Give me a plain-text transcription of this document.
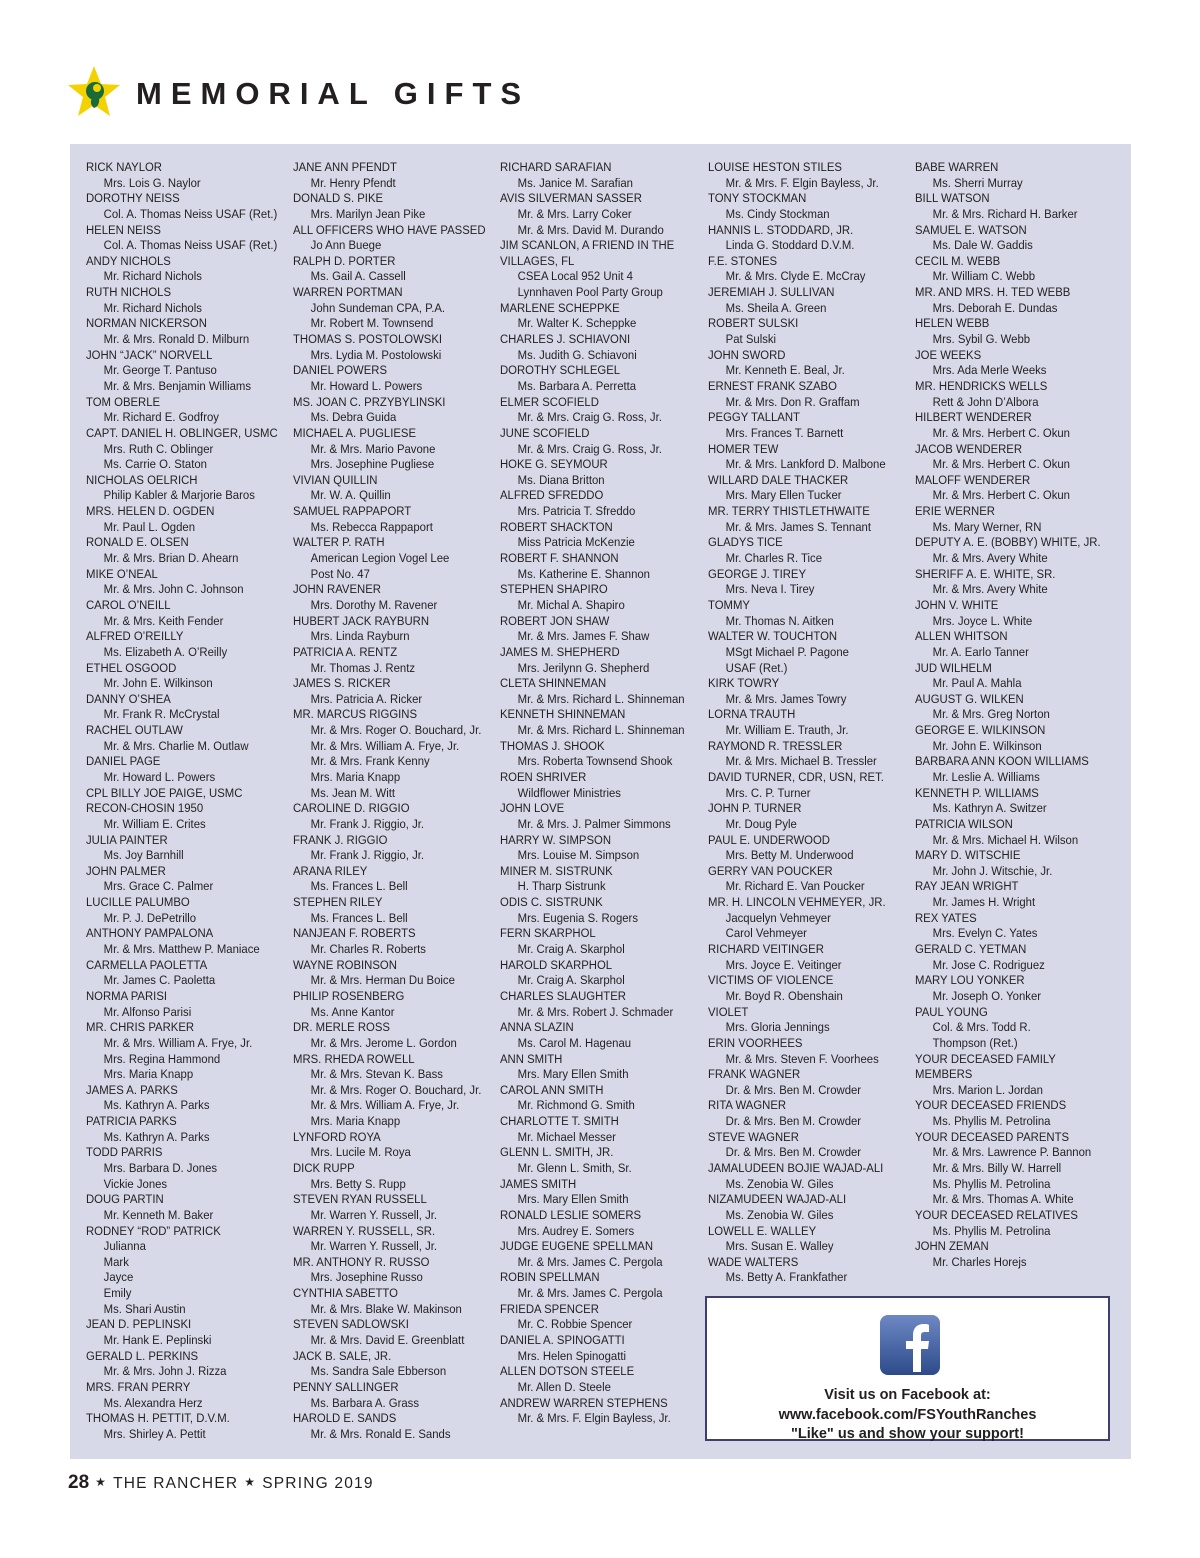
MEMORIAL GIFTS
RICK NAYLOR
Mrs. Lois G. Naylor
DOROTHY NEISS
Col. A. Thomas Neiss USAF (Ret.)
HELEN NEISS
Col. A. Thomas Neiss USAF (Ret.)
ANDY NICHOLS
Mr. Richard Nichols
RUTH NICHOLS
Mr. Richard Nichols
NORMAN NICKERSON
Mr. & Mrs. Ronald D. Milburn
JOHN “JACK” NORVELL
Mr. George T. Pantuso
Mr. & Mrs. Benjamin Williams
TOM OBERLE
Mr. Richard E. Godfroy
CAPT. DANIEL H. OBLINGER, USMC
Mrs. Ruth C. Oblinger
Ms. Carrie O. Staton
NICHOLAS OELRICH
Philip Kabler & Marjorie Baros
MRS. HELEN D. OGDEN
Mr. Paul L. Ogden
RONALD E. OLSEN
Mr. & Mrs. Brian D. Ahearn
MIKE O’NEAL
Mr. & Mrs. John C. Johnson
CAROL O’NEILL
Mr. & Mrs. Keith Fender
ALFRED O’REILLY
Ms. Elizabeth A. O’Reilly
ETHEL OSGOOD
Mr. John E. Wilkinson
DANNY O’SHEA
Mr. Frank R. McCrystal
RACHEL OUTLAW
Mr. & Mrs. Charlie M. Outlaw
DANIEL PAGE
Mr. Howard L. Powers
CPL BILLY JOE PAIGE, USMC
RECON-CHOSIN 1950
Mr. William E. Crites
JULIA PAINTER
Ms. Joy Barnhill
JOHN PALMER
Mrs. Grace C. Palmer
LUCILLE PALUMBO
Mr. P. J. DePetrillo
ANTHONY PAMPALONA
Mr. & Mrs. Matthew P. Maniace
CARMELLA PAOLETTA
Mr. James C. Paoletta
NORMA PARISI
Mr. Alfonso Parisi
MR. CHRIS PARKER
Mr. & Mrs. William A. Frye, Jr.
Mrs. Regina Hammond
Mrs. Maria Knapp
JAMES A. PARKS
Ms. Kathryn A. Parks
PATRICIA PARKS
Ms. Kathryn A. Parks
TODD PARRIS
Mrs. Barbara D. Jones
Vickie Jones
DOUG PARTIN
Mr. Kenneth M. Baker
RODNEY “ROD” PATRICK
Julianna
Mark
Jayce
Emily
Ms. Shari Austin
JEAN D. PEPLINSKI
Mr. Hank E. Peplinski
GERALD L. PERKINS
Mr. & Mrs. John J. Rizza
MRS. FRAN PERRY
Ms. Alexandra Herz
THOMAS H. PETTIT, D.V.M.
Mrs. Shirley A. Pettit
JANE ANN PFENDT
Mr. Henry Pfendt
DONALD S. PIKE
Mrs. Marilyn Jean Pike
ALL OFFICERS WHO HAVE PASSED
Jo Ann Buege
RALPH D. PORTER
Ms. Gail A. Cassell
WARREN PORTMAN
John Sundeman CPA, P.A.
Mr. Robert M. Townsend
THOMAS S. POSTOLOWSKI
Mrs. Lydia M. Postolowski
DANIEL POWERS
Mr. Howard L. Powers
MS. JOAN C. PRZYBYLINSKI
Ms. Debra Guida
MICHAEL A. PUGLIESE
Mr. & Mrs. Mario Pavone
Mrs. Josephine Pugliese
VIVIAN QUILLIN
Mr. W. A. Quillin
SAMUEL RAPPAPORT
Ms. Rebecca Rappaport
WALTER P. RATH
American Legion Vogel Lee
Post No. 47
JOHN RAVENER
Mrs. Dorothy M. Ravener
HUBERT JACK RAYBURN
Mrs. Linda Rayburn
PATRICIA A. RENTZ
Mr. Thomas J. Rentz
JAMES S. RICKER
Mrs. Patricia A. Ricker
MR. MARCUS RIGGINS
Mr. & Mrs. Roger O. Bouchard, Jr.
Mr. & Mrs. William A. Frye, Jr.
Mr. & Mrs. Frank Kenny
Mrs. Maria Knapp
Ms. Jean M. Witt
CAROLINE D. RIGGIO
Mr. Frank J. Riggio, Jr.
FRANK J. RIGGIO
Mr. Frank J. Riggio, Jr.
ARANA RILEY
Ms. Frances L. Bell
STEPHEN RILEY
Ms. Frances L. Bell
NANJEAN F. ROBERTS
Mr. Charles R. Roberts
WAYNE ROBINSON
Mr. & Mrs. Herman Du Boice
PHILIP ROSENBERG
Ms. Anne Kantor
DR. MERLE ROSS
Mr. & Mrs. Jerome L. Gordon
MRS. RHEDA ROWELL
Mr. & Mrs. Stevan K. Bass
Mr. & Mrs. Roger O. Bouchard, Jr.
Mr. & Mrs. William A. Frye, Jr.
Mrs. Maria Knapp
LYNFORD ROYA
Mrs. Lucile M. Roya
DICK RUPP
Mrs. Betty S. Rupp
STEVEN RYAN RUSSELL
Mr. Warren Y. Russell, Jr.
WARREN Y. RUSSELL, SR.
Mr. Warren Y. Russell, Jr.
MR. ANTHONY R. RUSSO
Mrs. Josephine Russo
CYNTHIA SABETTO
Mr. & Mrs. Blake W. Makinson
STEVEN SADLOWSKI
Mr. & Mrs. David E. Greenblatt
JACK B. SALE, JR.
Ms. Sandra Sale Ebberson
PENNY SALLINGER
Ms. Barbara A. Grass
HAROLD E. SANDS
Mr. & Mrs. Ronald E. Sands
RICHARD SARAFIAN
Ms. Janice M. Sarafian
AVIS SILVERMAN SASSER
Mr. & Mrs. Larry Coker
Mr. & Mrs. David M. Durando
JIM SCANLON, A FRIEND IN THE
VILLAGES, FL
CSEA Local 952 Unit 4
Lynnhaven Pool Party Group
MARLENE SCHEPPKE
Mr. Walter K. Scheppke
CHARLES J. SCHIAVONI
Ms. Judith G. Schiavoni
DOROTHY SCHLEGEL
Ms. Barbara A. Perretta
ELMER SCOFIELD
Mr. & Mrs. Craig G. Ross, Jr.
JUNE SCOFIELD
Mr. & Mrs. Craig G. Ross, Jr.
HOKE G. SEYMOUR
Ms. Diana Britton
ALFRED SFREDDO
Mrs. Patricia T. Sfreddo
ROBERT SHACKTON
Miss Patricia McKenzie
ROBERT F. SHANNON
Ms. Katherine E. Shannon
STEPHEN SHAPIRO
Mr. Michal A. Shapiro
ROBERT JON SHAW
Mr. & Mrs. James F. Shaw
JAMES M. SHEPHERD
Mrs. Jerilynn G. Shepherd
CLETA SHINNEMAN
Mr. & Mrs. Richard L. Shinneman
KENNETH SHINNEMAN
Mr. & Mrs. Richard L. Shinneman
THOMAS J. SHOOK
Mrs. Roberta Townsend Shook
ROEN SHRIVER
Wildflower Ministries
JOHN LOVE
Mr. & Mrs. J. Palmer Simmons
HARRY W. SIMPSON
Mrs. Louise M. Simpson
MINER M. SISTRUNK
H. Tharp Sistrunk
ODIS C. SISTRUNK
Mrs. Eugenia S. Rogers
FERN SKARPHOL
Mr. Craig A. Skarphol
HAROLD SKARPHOL
Mr. Craig A. Skarphol
CHARLES SLAUGHTER
Mr. & Mrs. Robert J. Schmader
ANNA SLAZIN
Ms. Carol M. Hagenau
ANN SMITH
Mrs. Mary Ellen Smith
CAROL ANN SMITH
Mr. Richmond G. Smith
CHARLOTTE T. SMITH
Mr. Michael Messer
GLENN L. SMITH, JR.
Mr. Glenn L. Smith, Sr.
JAMES SMITH
Mrs. Mary Ellen Smith
RONALD LESLIE SOMERS
Mrs. Audrey E. Somers
JUDGE EUGENE SPELLMAN
Mr. & Mrs. James C. Pergola
ROBIN SPELLMAN
Mr. & Mrs. James C. Pergola
FRIEDA SPENCER
Mr. C. Robbie Spencer
DANIEL A. SPINOGATTI
Mrs. Helen Spinogatti
ALLEN DOTSON STEELE
Mr. Allen D. Steele
ANDREW WARREN STEPHENS
Mr. & Mrs. F. Elgin Bayless, Jr.
LOUISE HESTON STILES
Mr. & Mrs. F. Elgin Bayless, Jr.
TONY STOCKMAN
Ms. Cindy Stockman
HANNIS L. STODDARD, JR.
Linda G. Stoddard D.V.M.
F.E. STONES
Mr. & Mrs. Clyde E. McCray
JEREMIAH J. SULLIVAN
Ms. Sheila A. Green
ROBERT SULSKI
Pat Sulski
JOHN SWORD
Mr. Kenneth E. Beal, Jr.
ERNEST FRANK SZABO
Mr. & Mrs. Don R. Graffam
PEGGY TALLANT
Mrs. Frances T. Barnett
HOMER TEW
Mr. & Mrs. Lankford D. Malbone
WILLARD DALE THACKER
Mrs. Mary Ellen Tucker
MR. TERRY THISTLETHWAITE
Mr. & Mrs. James S. Tennant
GLADYS TICE
Mr. Charles R. Tice
GEORGE J. TIREY
Mrs. Neva I. Tirey
TOMMY
Mr. Thomas N. Aitken
WALTER W. TOUCHTON
MSgt Michael P. Pagone
USAF (Ret.)
KIRK TOWRY
Mr. & Mrs. James Towry
LORNA TRAUTH
Mr. William E. Trauth, Jr.
RAYMOND R. TRESSLER
Mr. & Mrs. Michael B. Tressler
DAVID TURNER, CDR, USN, RET.
Mrs. C. P. Turner
JOHN P. TURNER
Mr. Doug Pyle
PAUL E. UNDERWOOD
Mrs. Betty M. Underwood
GERRY VAN POUCKER
Mr. Richard E. Van Poucker
MR. H. LINCOLN VEHMEYER, JR.
Jacquelyn Vehmeyer
Carol Vehmeyer
RICHARD VEITINGER
Mrs. Joyce E. Veitinger
VICTIMS OF VIOLENCE
Mr. Boyd R. Obenshain
VIOLET
Mrs. Gloria Jennings
ERIN VOORHEES
Mr. & Mrs. Steven F. Voorhees
FRANK WAGNER
Dr. & Mrs. Ben M. Crowder
RITA WAGNER
Dr. & Mrs. Ben M. Crowder
STEVE WAGNER
Dr. & Mrs. Ben M. Crowder
JAMALUDEEN BOJIE WAJAD-ALI
Ms. Zenobia W. Giles
NIZAMUDEEN WAJAD-ALI
Ms. Zenobia W. Giles
LOWELL E. WALLEY
Mrs. Susan E. Walley
WADE WALTERS
Ms. Betty A. Frankfather
BABE WARREN
Ms. Sherri Murray
BILL WATSON
Mr. & Mrs. Richard H. Barker
SAMUEL E. WATSON
Ms. Dale W. Gaddis
CECIL M. WEBB
Mr. William C. Webb
MR. AND MRS. H. TED WEBB
Mrs. Deborah E. Dundas
HELEN WEBB
Mrs. Sybil G. Webb
JOE WEEKS
Mrs. Ada Merle Weeks
MR. HENDRICKS WELLS
Rett & John D’Albora
HILBERT WENDERER
Mr. & Mrs. Herbert C. Okun
JACOB WENDERER
Mr. & Mrs. Herbert C. Okun
MALOFF WENDERER
Mr. & Mrs. Herbert C. Okun
ERIE WERNER
Ms. Mary Werner, RN
DEPUTY A. E. (BOBBY) WHITE, JR.
Mr. & Mrs. Avery White
SHERIFF A. E. WHITE, SR.
Mr. & Mrs. Avery White
JOHN V. WHITE
Mrs. Joyce L. White
ALLEN WHITSON
Mr. A. Earlo Tanner
JUD WILHELM
Mr. Paul A. Mahla
AUGUST G. WILKEN
Mr. & Mrs. Greg Norton
GEORGE E. WILKINSON
Mr. John E. Wilkinson
BARBARA ANN KOON WILLIAMS
Mr. Leslie A. Williams
KENNETH P. WILLIAMS
Ms. Kathryn A. Switzer
PATRICIA WILSON
Mr. & Mrs. Michael H. Wilson
MARY D. WITSCHIE
Mr. John J. Witschie, Jr.
RAY JEAN WRIGHT
Mr. James H. Wright
REX YATES
Mrs. Evelyn C. Yates
GERALD C. YETMAN
Mr. Jose C. Rodriguez
MARY LOU YONKER
Mr. Joseph O. Yonker
PAUL YOUNG
Col. & Mrs. Todd R.
Thompson (Ret.)
YOUR DECEASED FAMILY
MEMBERS
Mrs. Marion L. Jordan
YOUR DECEASED FRIENDS
Ms. Phyllis M. Petrolina
YOUR DECEASED PARENTS
Mr. & Mrs. Lawrence P. Bannon
Mr. & Mrs. Billy W. Harrell
Ms. Phyllis M. Petrolina
Mr. & Mrs. Thomas A. White
YOUR DECEASED RELATIVES
Ms. Phyllis M. Petrolina
JOHN ZEMAN
Mr. Charles Horejs
Visit us on Facebook at:
www.facebook.com/FSYouthRanches
"Like" us and show your support!
28 ★ THE RANCHER ★ SPRING 2019
